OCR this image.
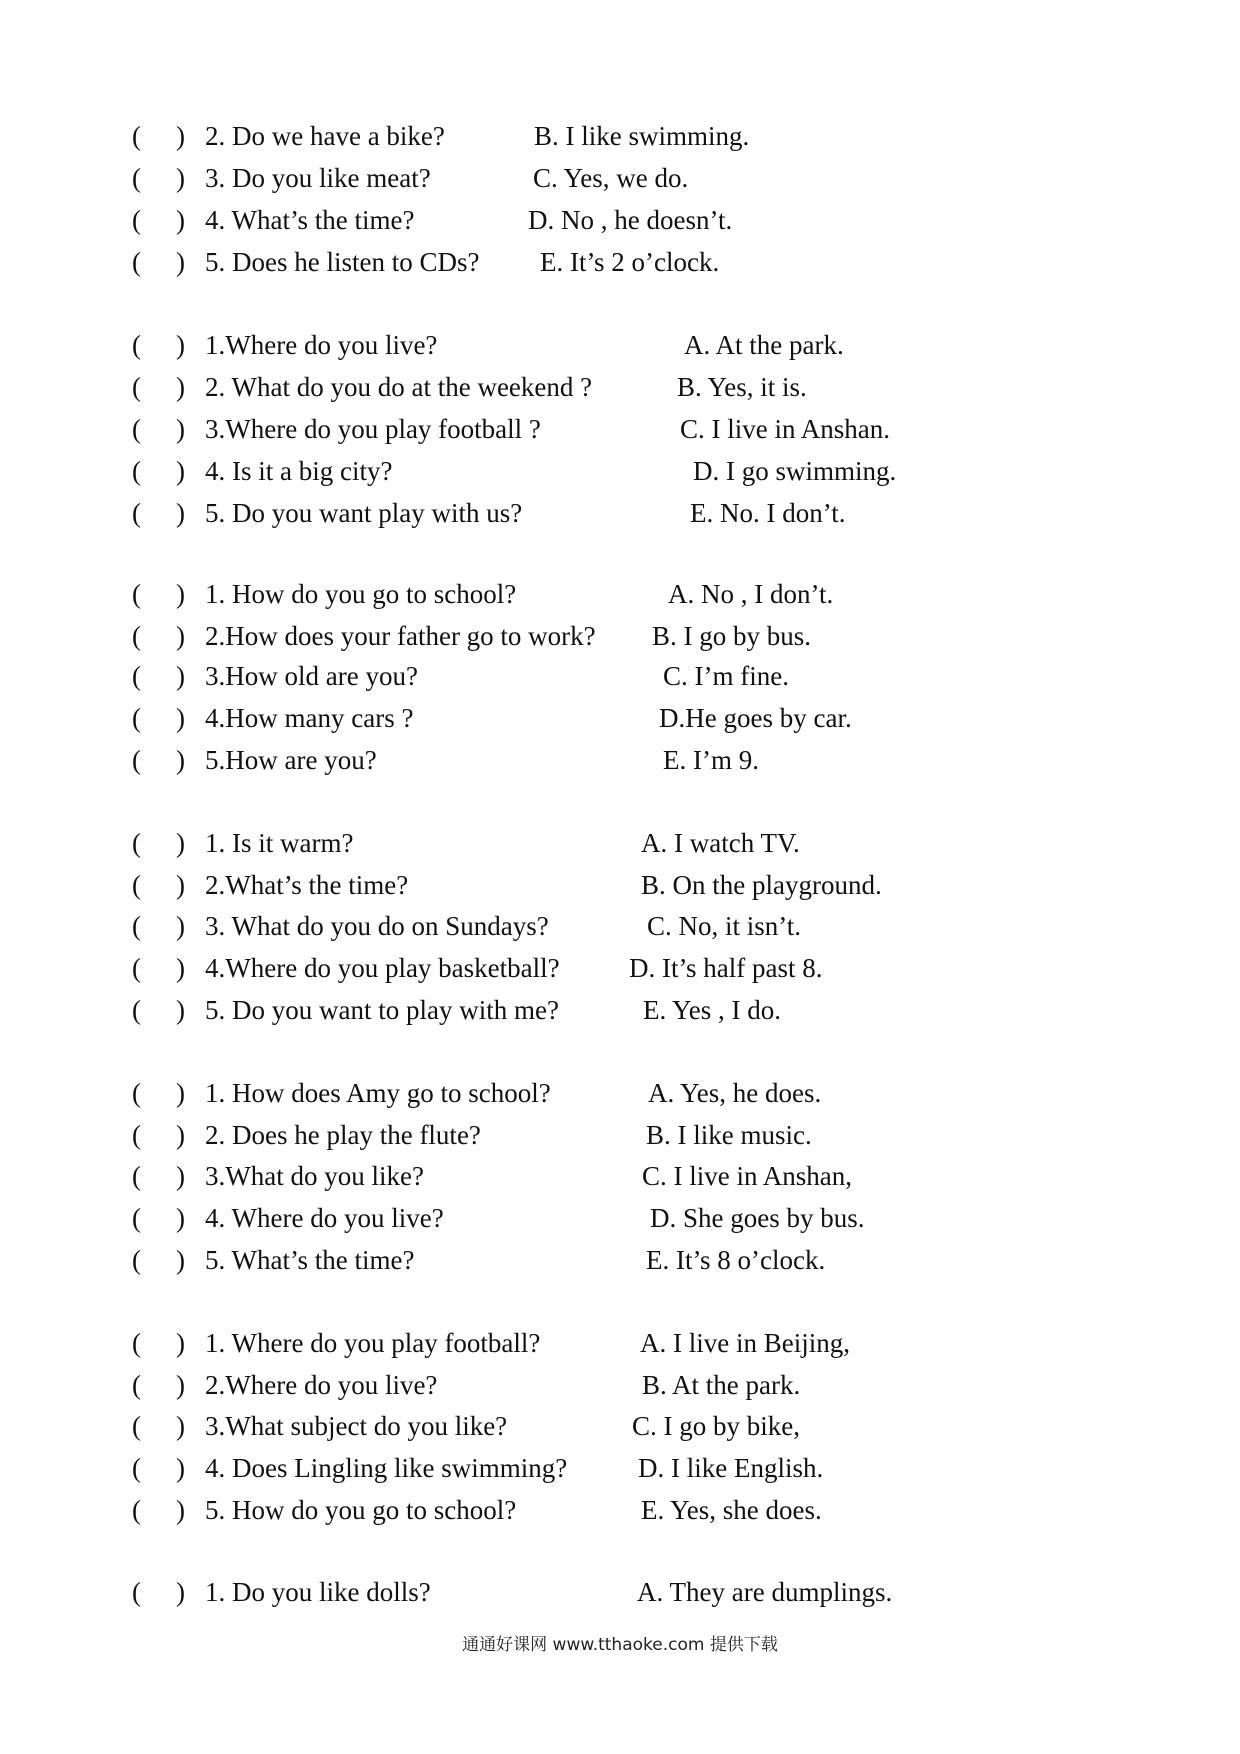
( ) 2. Do we have a bike?	B. I like swimming.
( ) 3. Do you like meat?	C. Yes, we do.
( ) 4. What’s the time?	D. No , he doesn’t.
( ) 5. Does he listen to CDs? E. It’s 2 o’clock.
( ) 1.Where do you live?	A. At the park.
( ) 2. What do you do at the weekend ?	B. Yes, it is.
( ) 3.Where do you play football ?	C. I live in Anshan.
( ) 4. Is it a big city?	D. I go swimming.
( ) 5. Do you want play with us?	E. No. I don’t.
( ) 1. How do you go to school?	A. No , I don’t.
( ) 2.How does your father go to work? B. I go by bus.
( ) 3.How old are you?	C. I’m fine.
( ) 4.How many cars ?	D.He goes by car.
( ) 5.How are you?	E. I’m 9.
( ) 1. Is it warm?	A. I watch TV.
( ) 2.What’s the time?	B. On the playground.
( ) 3. What do you do on Sundays?	C. No, it isn’t.
( ) 4.Where do you play basketball?	D. It’s half past 8.
( ) 5. Do you want to play with me?	E. Yes , I do.
( ) 1. How does Amy go to school?	A. Yes, he does.
( ) 2. Does he play the flute?	B. I like music.
( ) 3.What do you like?	C. I live in Anshan,
( ) 4. Where do you live?	D. She goes by bus.
( ) 5. What’s the time?	E. It’s 8 o’clock.
( ) 1. Where do you play football?	A. I live in Beijing,
( ) 2.Where do you live?	B. At the park.
( ) 3.What subject do you like?	C. I go by bike,
( ) 4. Does Lingling like swimming?	D. I like English.
( ) 5. How do you go to school?	E. Yes, she does.
( ) 1. Do you like dolls?	A. They are dumplings.
通通好课网 www.tthaoke.com 提供下载
